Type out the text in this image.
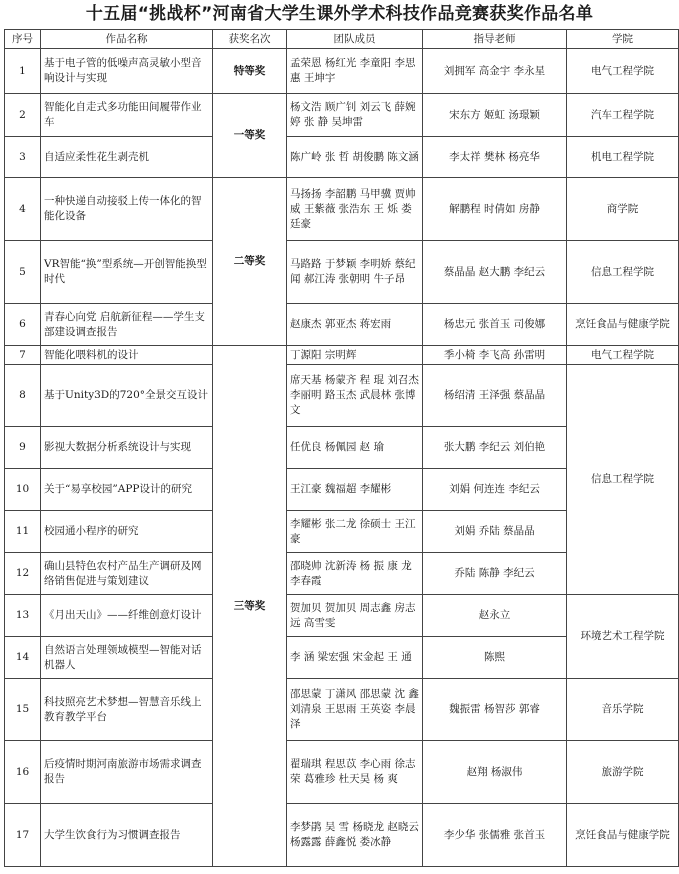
十五届“挑战杯”河南省大学生课外学术科技作品竞赛获奖作品名单
序号	作品名称	获奖名次	团队成员	指导老师	学院
1	基于电子管的低噪声高灵敏小型音响设计与实现	特等奖	孟荣恩 杨红光 李童阳 李思惠 王坤宇	刘拥军 高金宇 李永星	电气工程学院
2	智能化自走式多功能田间履带作业车	一等奖	杨文浩 顾广钊 刘云飞 薛婉婷 张 静 吴坤雷	宋东方 姬虹 汤璟颖	汽车工程学院
3	自适应柔性花生剥壳机		陈广岭 张 哲 胡俊鹏 陈文涵	李太祥 樊林 杨亮华	机电工程学院
4	一种快递自动接驳上传一体化的智能化设备	二等奖	马扬扬 李韶鹏 马甲骥 贾帅威 王紫薇 张浩东 王 烁 娄廷豪	解鹏程 时倩如 房静	商学院
5	VR智能“换”型系统—开创智能换型时代		马路路 于梦颖 李明娇 蔡纪闻 郝江涛 张朝明 牛子昂	蔡晶晶 赵大鹏 李纪云	信息工程学院
6	青春心向党 启航新征程——学生支部建设调查报告		赵康杰 郭亚杰 蒋宏雨	杨忠元 张首玉 司俊娜	烹饪食品与健康学院
7	智能化喂料机的设计	三等奖	丁源阳 宗明辉	季小椅 李飞高 孙雷明	电气工程学院
8	基于Unity3D的720°全景交互设计		席天基 杨蒙齐 程 琨 刘召杰 李丽明 路玉杰 武晨林 张博文	杨绍清 王泽强 蔡晶晶	信息工程学院
9	影视大数据分析系统设计与实现		任优良 杨佩园 赵 瑜	张大鹏 李纪云 刘伯艳	
10	关于“易享校园”APP设计的研究		王江豪 魏福超 李耀彬	刘娟 何连连 李纪云	
11	校园通小程序的研究		李耀彬 张二龙 徐硕士 王江豪	刘娟 乔陆 蔡晶晶	
12	确山县特色农村产品生产调研及网络销售促进与策划建议		邵晓帅 沈新涛 杨 振 康 龙 李春霞	乔陆 陈静 李纪云	
13	《月出天山》——纤维创意灯设计		贺加贝 贺加贝 周志鑫 房志远 高雪雯	赵永立	环境艺术工程学院
14	自然语言处理领域模型—智能对话机器人		李 涵 梁宏强 宋金起 王 通	陈熙	
15	科技照亮艺术梦想—智慧音乐线上教育教学平台		邵思蒙 丁潇风 邵思蒙 沈 鑫 刘清泉 王思雨 王英姿 李晨泽	魏振雷 杨智莎 郭睿	音乐学院
16	后疫情时期河南旅游市场需求调查报告		翟瑞琪 程思苡 李心雨 徐志荣 葛雅珍 杜天昊 杨 爽	赵翔 杨淑伟	旅游学院
17	大学生饮食行为习惯调查报告		李梦鹃 吴 雪 杨晓龙 赵晓云 杨露露 薛鑫悦 娄冰静	李少华 张儒雅 张首玉	烹饪食品与健康学院
